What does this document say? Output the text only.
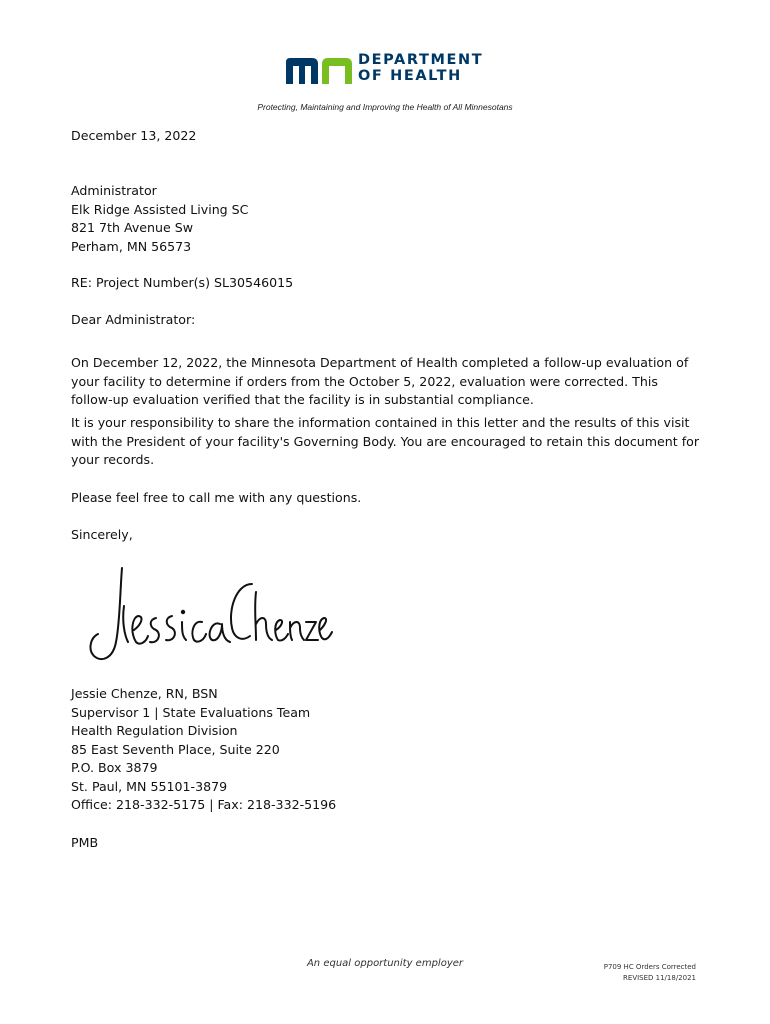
DEPARTMENT
OF HEALTH
Protecting, Maintaining and Improving the Health of All Minnesotans
December 13, 2022
Administrator
Elk Ridge Assisted Living SC
821 7th Avenue Sw
Perham, MN 56573
RE: Project Number(s) SL30546015
Dear Administrator:
On December 12, 2022, the Minnesota Department of Health completed a follow-up evaluation of
your facility to determine if orders from the October 5, 2022, evaluation were corrected. This
follow-up evaluation verified that the facility is in substantial compliance.
It is your responsibility to share the information contained in this letter and the results of this visit
with the President of your facility's Governing Body. You are encouraged to retain this document for
your records.
Please feel free to call me with any questions.
Sincerely,
Jessie Chenze, RN, BSN
Supervisor 1 | State Evaluations Team
Health Regulation Division
85 East Seventh Place, Suite 220
P.O. Box 3879
St. Paul, MN 55101-3879
Office: 218-332-5175 | Fax: 218-332-5196
PMB
An equal opportunity employer	P709 HC Orders Corrected
REVISED 11/18/2021
